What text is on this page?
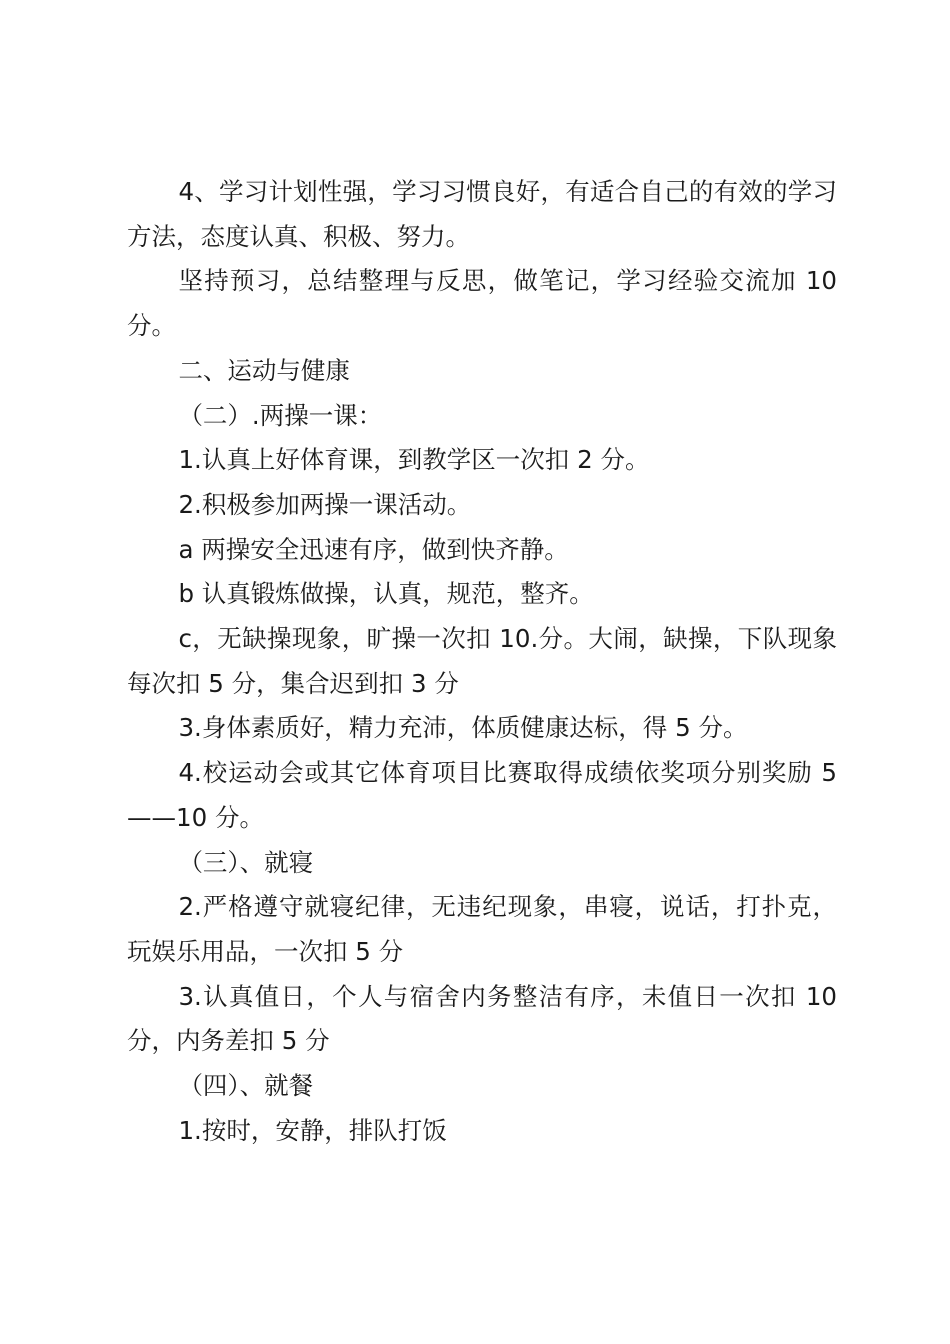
4、学习计划性强，学习习惯良好，有适合自己的有效的学习方法，态度认真、积极、努力。

坚持预习，总结整理与反思，做笔记，学习经验交流加 10 分。

二、运动与健康

（二）.两操一课：

1.认真上好体育课，到教学区一次扣 2 分。

2.积极参加两操一课活动。

a 两操安全迅速有序，做到快齐静。

b 认真锻炼做操，认真，规范，整齐。

c，无缺操现象，旷操一次扣 10.分。大闹，缺操，下队现象每次扣 5 分，集合迟到扣 3 分

3.身体素质好，精力充沛，体质健康达标，得 5 分。

4.校运动会或其它体育项目比赛取得成绩依奖项分别奖励 5——10 分。

（三）、就寝

2.严格遵守就寝纪律，无违纪现象，串寝，说话，打扑克，玩娱乐用品，一次扣 5 分

3.认真值日，个人与宿舍内务整洁有序，未值日一次扣 10 分，内务差扣 5 分

（四）、就餐

1.按时，安静，排队打饭
